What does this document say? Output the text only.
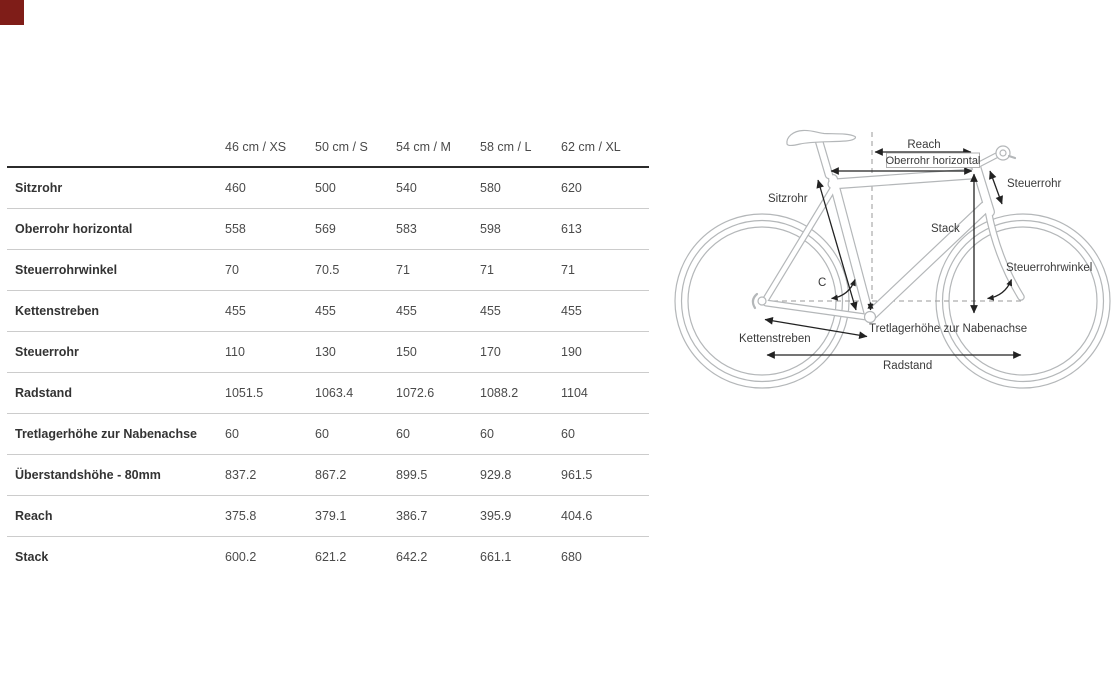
	46 cm / XS	50 cm / S	54 cm / M	58 cm / L	62 cm / XL
Sitzrohr	460	500	540	580	620
Oberrohr horizontal	558	569	583	598	613
Steuerrohrwinkel	70	70.5	71	71	71
Kettenstreben	455	455	455	455	455
Steuerrohr	110	130	150	170	190
Radstand	1051.5	1063.4	1072.6	1088.2	1104
Tretlagerhöhe zur Nabenachse	60	60	60	60	60
Überstandshöhe - 80mm	837.2	867.2	899.5	929.8	961.5
Reach	375.8	379.1	386.7	395.9	404.6
Stack	600.2	621.2	642.2	661.1	680
Reach
Oberrohr horizontal
Steuerrohr
Sitzrohr
Stack
Steuerrohrwinkel
C
Tretlagerhöhe zur Nabenachse
Kettenstreben
Radstand
